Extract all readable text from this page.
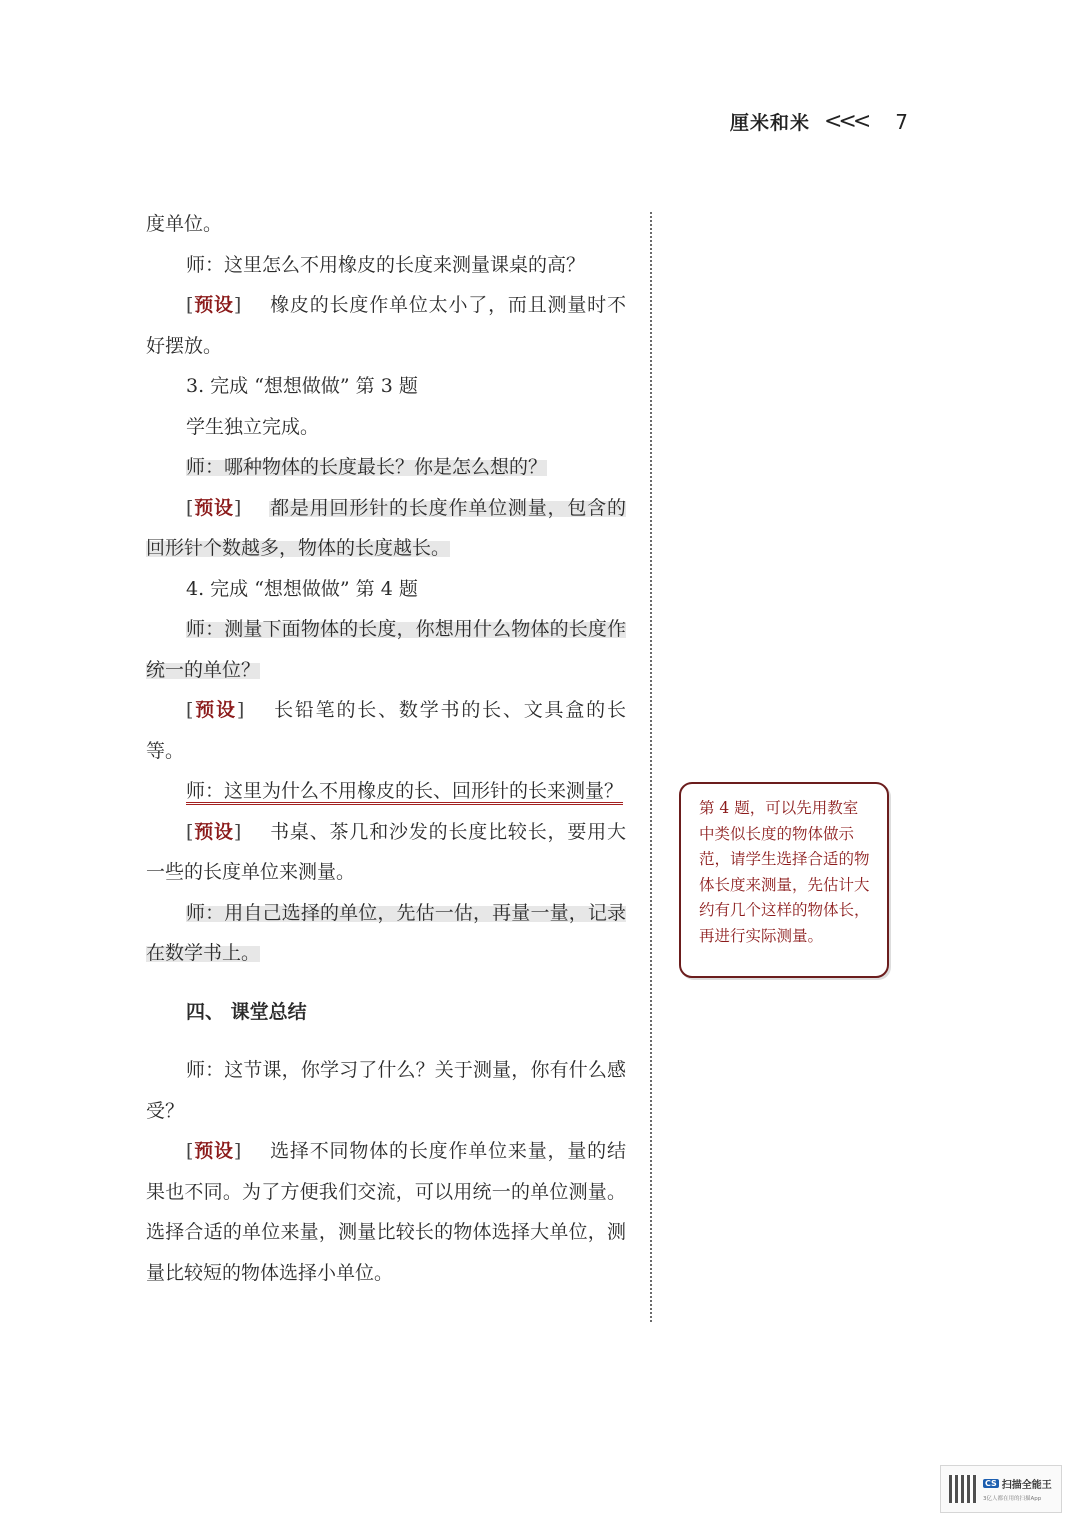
厘米和米 <<< 7

度单位。

师：这里怎么不用橡皮的长度来测量课桌的高？

[预设] 橡皮的长度作单位太小了，而且测量时不好摆放。

3. 完成 “想想做做” 第 3 题

学生独立完成。

师：哪种物体的长度最长？你是怎么想的？

[预设] 都是用回形针的长度作单位测量，包含的回形针个数越多，物体的长度越长。

4. 完成 “想想做做” 第 4 题

师：测量下面物体的长度，你想用什么物体的长度作统一的单位？

[预设] 长铅笔的长、数学书的长、文具盒的长等。

师：这里为什么不用橡皮的长、回形针的长来测量？

[预设] 书桌、茶几和沙发的长度比较长，要用大一些的长度单位来测量。

师：用自己选择的单位，先估一估，再量一量，记录在数学书上。

四、 课堂总结

师：这节课，你学习了什么？关于测量，你有什么感受？

[预设] 选择不同物体的长度作单位来量，量的结果也不同。为了方便我们交流，可以用统一的单位测量。选择合适的单位来量，测量比较长的物体选择大单位，测量比较短的物体选择小单位。

第 4 题，可以先用教室中类似长度的物体做示范，请学生选择合适的物体长度来测量，先估计大约有几个这样的物体长，再进行实际测量。
CS 扫描全能王
3亿人都在用的扫描App
